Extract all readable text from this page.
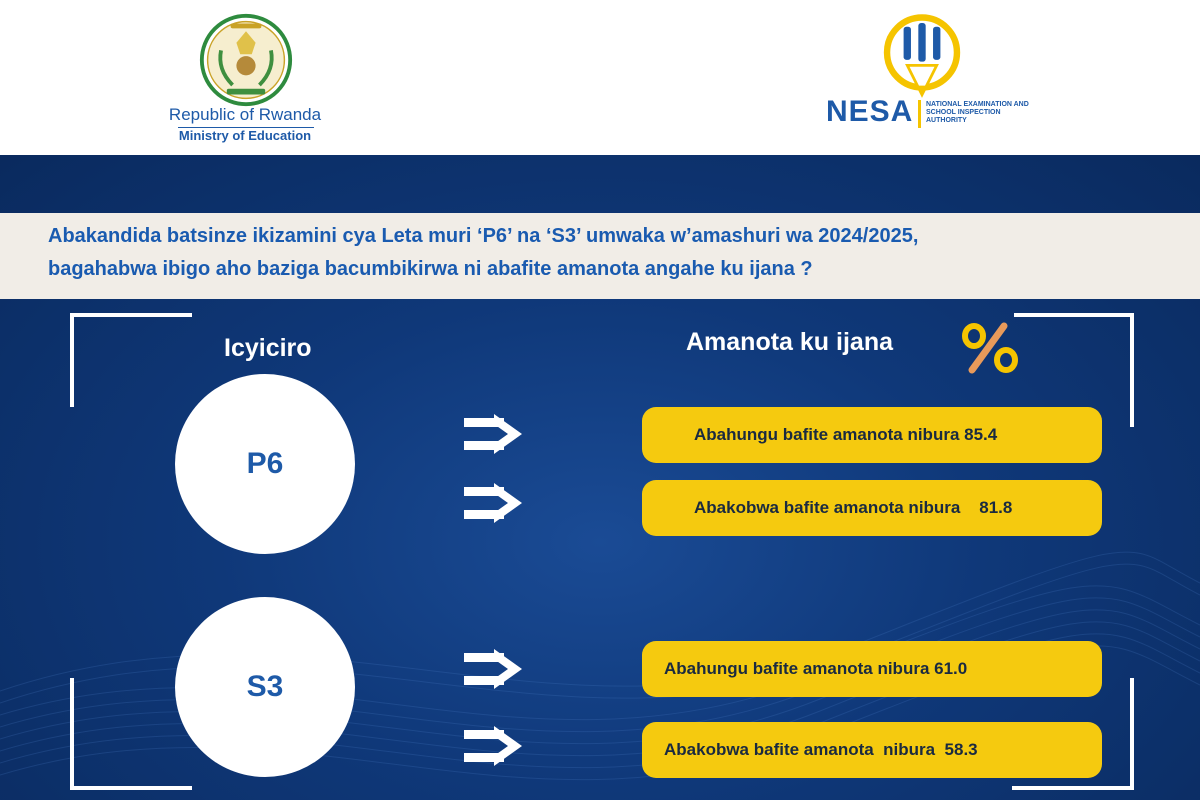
Republic of Rwanda
Ministry of Education
NESA NATIONAL EXAMINATION AND SCHOOL INSPECTION AUTHORITY

Abakandida batsinze ikizamini cya Leta muri ‘P6’ na ‘S3’ umwaka w’amashuri wa 2024/2025,
bagahabwa ibigo aho baziga bacumbikirwa ni abafite amanota angahe ku ijana ?

Icyiciro	Amanota ku ijana
P6
S3
Abahungu bafite amanota nibura 85.4
Abakobwa bafite amanota nibura    81.8
Abahungu bafite amanota nibura 61.0
Abakobwa bafite amanota  nibura  58.3
